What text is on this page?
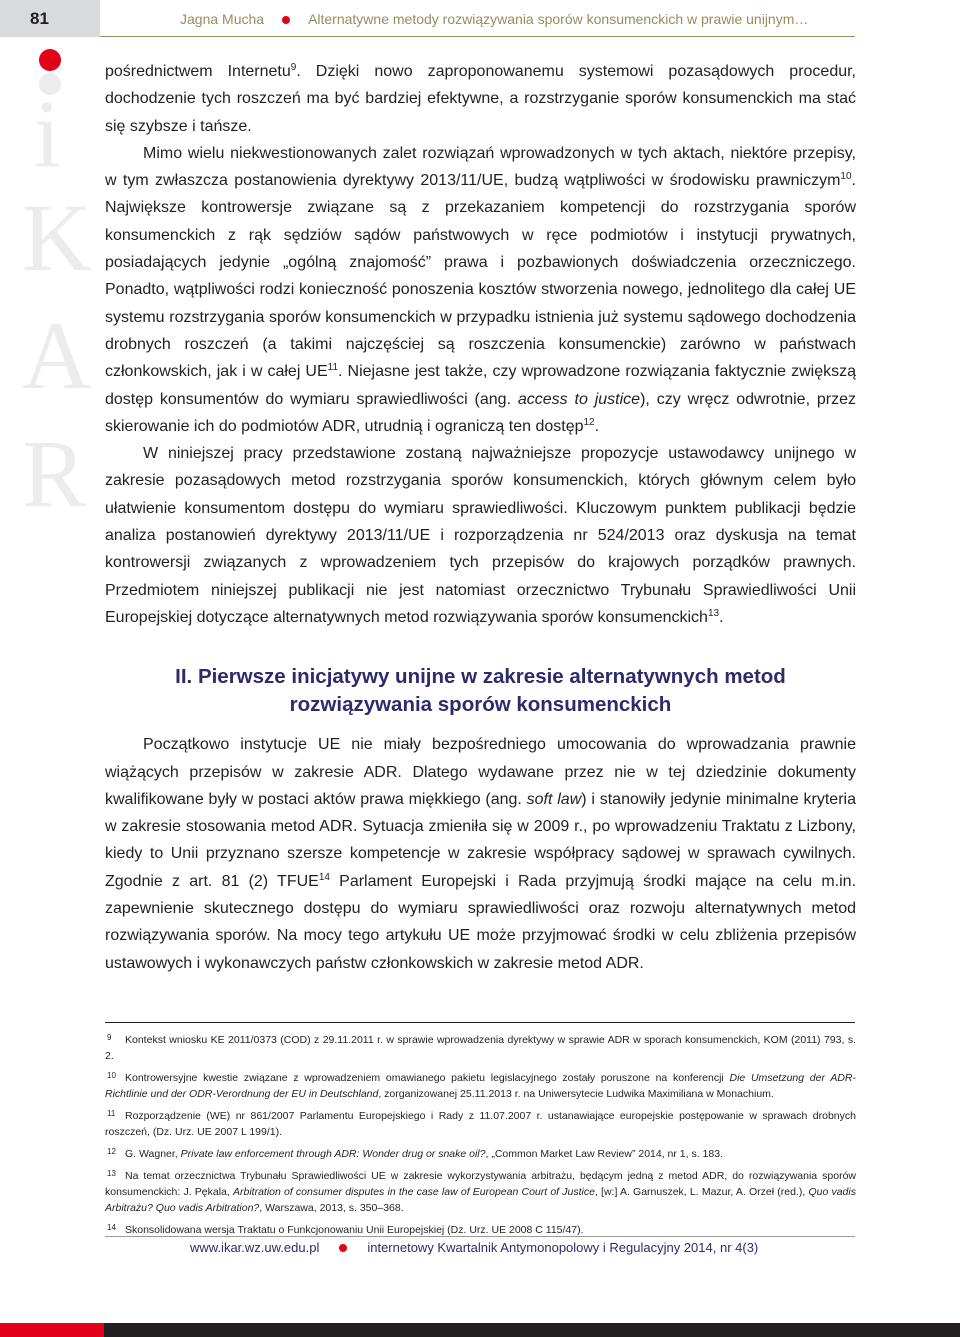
81	Jagna Mucha	Alternatywne metody rozwiązywania sporów konsumenckich w prawie unijnym…
i
K
A
R

pośrednictwem Internetu$^9$. Dzięki nowo zaproponowanemu systemowi pozasądowych procedur, dochodzenie tych roszczeń ma być bardziej efektywne, a rozstrzyganie sporów konsumenckich ma stać się szybsze i tańsze.

Mimo wielu niekwestionowanych zalet rozwiązań wprowadzonych w tych aktach, niektóre przepisy, w tym zwłaszcza postanowienia dyrektywy 2013/11/UE, budzą wątpliwości w środowisku prawniczym$^{10}$. Największe kontrowersje związane są z przekazaniem kompetencji do rozstrzygania sporów konsumenckich z rąk sędziów sądów państwowych w ręce podmiotów i instytucji prywatnych, posiadających jedynie „ogólną znajomość” prawa i pozbawionych doświadczenia orzeczniczego. Ponadto, wątpliwości rodzi konieczność ponoszenia kosztów stworzenia nowego, jednolitego dla całej UE systemu rozstrzygania sporów konsumenckich w przypadku istnienia już systemu sądowego dochodzenia drobnych roszczeń (a takimi najczęściej są roszczenia konsumenckie) zarówno w państwach członkowskich, jak i w całej UE$^{11}$. Niejasne jest także, czy wprowadzone rozwiązania faktycznie zwiększą dostęp konsumentów do wymiaru sprawiedliwości (ang. access to justice), czy wręcz odwrotnie, przez skierowanie ich do podmiotów ADR, utrudnią i ograniczą ten dostęp$^{12}$.

W niniejszej pracy przedstawione zostaną najważniejsze propozycje ustawodawcy unijnego w zakresie pozasądowych metod rozstrzygania sporów konsumenckich, których głównym celem było ułatwienie konsumentom dostępu do wymiaru sprawiedliwości. Kluczowym punktem publikacji będzie analiza postanowień dyrektywy 2013/11/UE i rozporządzenia nr 524/2013 oraz dyskusja na temat kontrowersji związanych z wprowadzeniem tych przepisów do krajowych porządków prawnych. Przedmiotem niniejszej publikacji nie jest natomiast orzecznictwo Trybunału Sprawiedliwości Unii Europejskiej dotyczące alternatywnych metod rozwiązywania sporów konsumenckich$^{13}$.

II. Pierwsze inicjatywy unijne w zakresie alternatywnych metod
rozwiązywania sporów konsumenckich

Początkowo instytucje UE nie miały bezpośredniego umocowania do wprowadzania prawnie wiążących przepisów w zakresie ADR. Dlatego wydawane przez nie w tej dziedzinie dokumenty kwalifikowane były w postaci aktów prawa miękkiego (ang. soft law) i stanowiły jedynie minimalne kryteria w zakresie stosowania metod ADR. Sytuacja zmieniła się w 2009 r., po wprowadzeniu Traktatu z Lizbony, kiedy to Unii przyznano szersze kompetencje w zakresie współpracy sądowej w sprawach cywilnych. Zgodnie z art. 81 (2) TFUE$^{14}$ Parlament Europejski i Rada przyjmują środki mające na celu m.in. zapewnienie skutecznego dostępu do wymiaru sprawiedliwości oraz rozwoju alternatywnych metod rozwiązywania sporów. Na mocy tego artykułu UE może przyjmować środki w celu zbliżenia przepisów ustawowych i wykonawczych państw członkowskich w zakresie metod ADR.

9 Kontekst wniosku KE 2011/0373 (COD) z 29.11.2011 r. w sprawie wprowadzenia dyrektywy w sprawie ADR w sporach konsumenckich, KOM (2011) 793, s. 2.

10 Kontrowersyjne kwestie związane z wprowadzeniem omawianego pakietu legislacyjnego zostały poruszone na konferencji Die Umsetzung der ADR-Richtlinie und der ODR-Verordnung der EU in Deutschland, zorganizowanej 25.11.2013 r. na Uniwersytecie Ludwika Maximiliana w Monachium.

11 Rozporządzenie (WE) nr 861/2007 Parlamentu Europejskiego i Rady z 11.07.2007 r. ustanawiające europejskie postępowanie w sprawach drobnych roszczeń, (Dz. Urz. UE 2007 L 199/1).

12 G. Wagner, Private law enforcement through ADR: Wonder drug or snake oil?, „Common Market Law Review” 2014, nr 1, s. 183.

13 Na temat orzecznictwa Trybunału Sprawiedliwości UE w zakresie wykorzystywania arbitrażu, będącym jedną z metod ADR, do rozwiązywania sporów konsumenckich: J. Pękala, Arbitration of consumer disputes in the case law of European Court of Justice, [w:] A. Garnuszek, L. Mazur, A. Orzeł (red.), Quo vadis Arbitrażu? Quo vadis Arbitration?, Warszawa, 2013, s. 350–368.

14 Skonsolidowana wersja Traktatu o Funkcjonowaniu Unii Europejskiej (Dz. Urz. UE 2008 C 115/47).

www.ikar.wz.uw.edu.pl	internetowy Kwartalnik Antymonopolowy i Regulacyjny 2014, nr 4(3)
